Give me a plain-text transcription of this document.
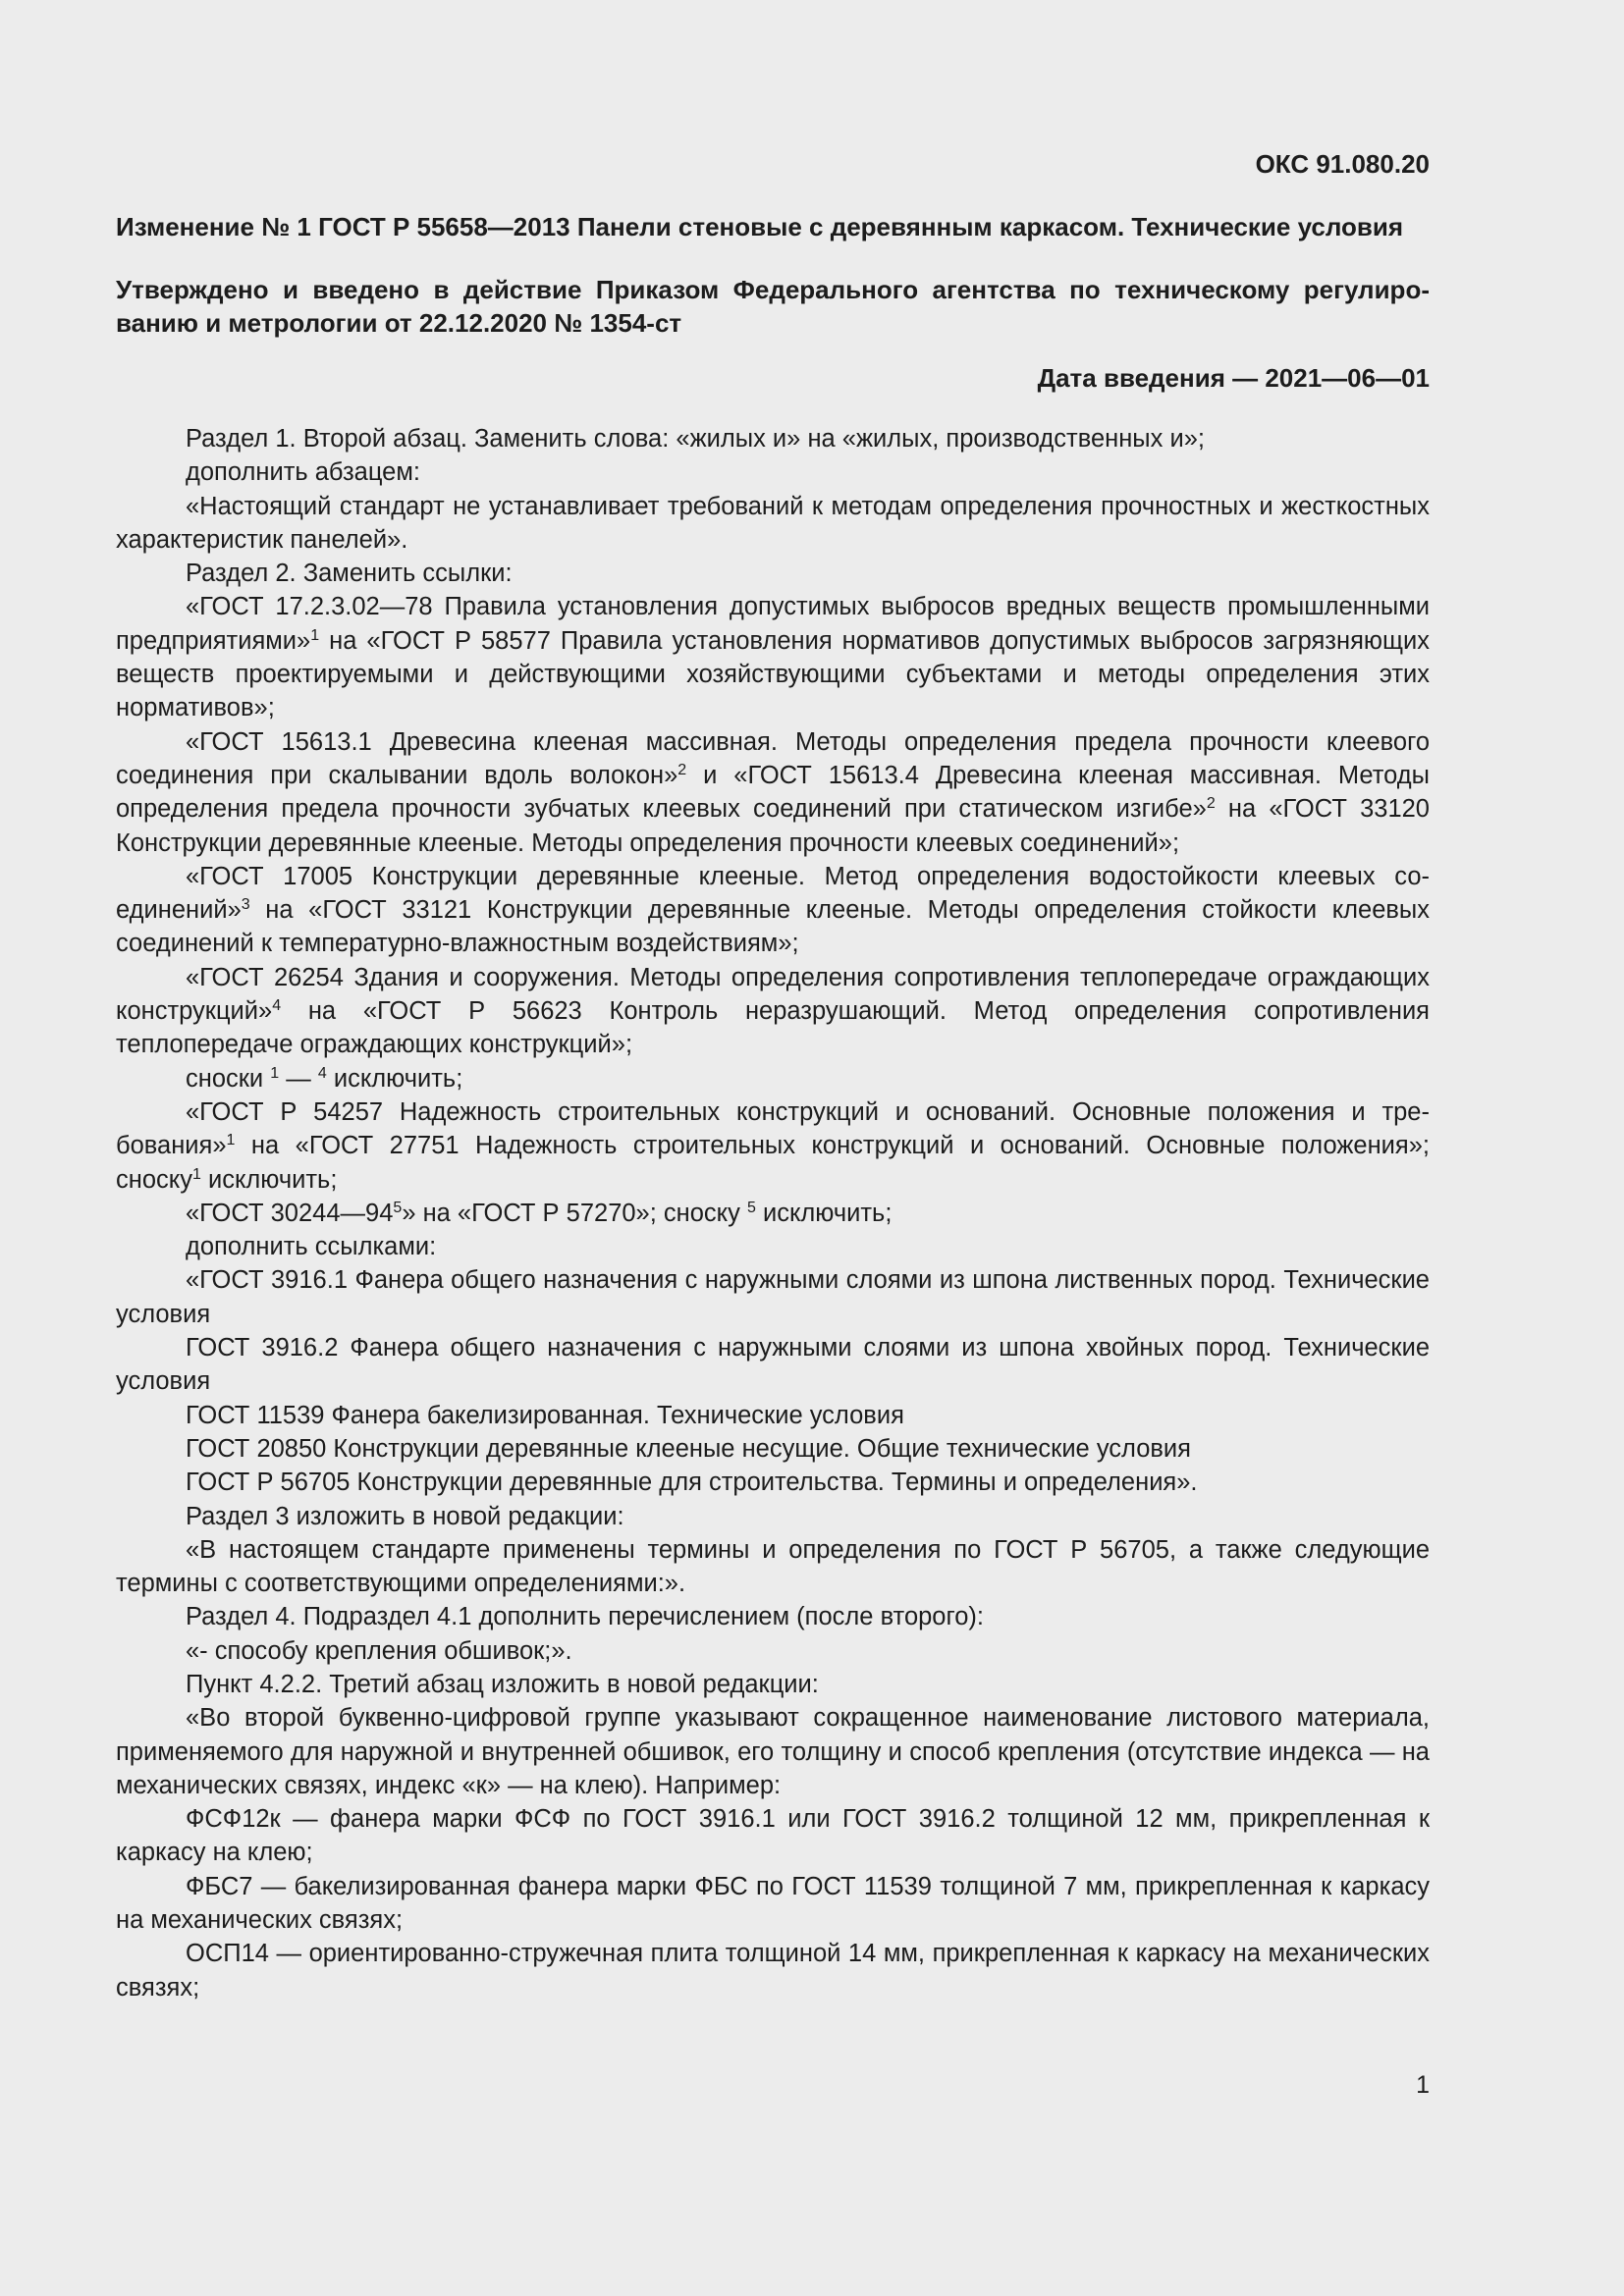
ОКС 91.080.20
Изменение № 1 ГОСТ Р 55658—2013 Панели стеновые с деревянным каркасом. Технические условия
Утверждено и введено в действие Приказом Федерального агентства по техническому регулированию и метрологии от 22.12.2020 № 1354-ст
Дата введения — 2021—06—01

Раздел 1. Второй абзац. Заменить слова: «жилых и» на «жилых, производственных и»;

дополнить абзацем:

«Настоящий стандарт не устанавливает требований к методам определения прочностных и жесткостных характеристик панелей».

Раздел 2. Заменить ссылки:

«ГОСТ 17.2.3.02—78 Правила установления допустимых выбросов вредных веществ промышленными предприятиями»$^1$ на «ГОСТ Р 58577 Правила установления нормативов допустимых выбросов загрязняющих веществ проектируемыми и действующими хозяйствующими субъектами и методы определения этих нормативов»;

«ГОСТ 15613.1 Древесина клееная массивная. Методы определения предела прочности клеевого соединения при скалывании вдоль волокон»$^2$ и «ГОСТ 15613.4 Древесина клееная массивная. Методы определения предела прочности зубчатых клеевых соединений при статическом изгибе»$^2$ на «ГОСТ 33120 Конструкции деревянные клееные. Методы определения прочности клеевых соединений»;

«ГОСТ 17005 Конструкции деревянные клееные. Метод определения водостойкости клеевых соединений»$^3$ на «ГОСТ 33121 Конструкции деревянные клееные. Методы определения стойкости клеевых соединений к температурно-влажностным воздействиям»;

«ГОСТ 26254 Здания и сооружения. Методы определения сопротивления теплопередаче ограждающих конструкций»$^4$ на «ГОСТ Р 56623 Контроль неразрушающий. Метод определения сопротивления теплопередаче ограждающих конструкций»;

сноски $^1$ — $^4$ исключить;

«ГОСТ Р 54257 Надежность строительных конструкций и оснований. Основные положения и требования»$^1$ на «ГОСТ 27751 Надежность строительных конструкций и оснований. Основные положения»; сноску$^1$ исключить;

«ГОСТ $30244—94^5$» на «ГОСТ Р 57270»; сноску $^5$ исключить;

дополнить ссылками:

«ГОСТ 3916.1 Фанера общего назначения с наружными слоями из шпона лиственных пород. Технические условия

ГОСТ 3916.2 Фанера общего назначения с наружными слоями из шпона хвойных пород. Технические условия

ГОСТ 11539 Фанера бакелизированная. Технические условия

ГОСТ 20850 Конструкции деревянные клееные несущие. Общие технические условия

ГОСТ Р 56705 Конструкции деревянные для строительства. Термины и определения».

Раздел 3 изложить в новой редакции:

«В настоящем стандарте применены термины и определения по ГОСТ Р 56705, а также следующие термины с соответствующими определениями:».

Раздел 4. Подраздел 4.1 дополнить перечислением (после второго):

«- способу крепления обшивок;».

Пункт 4.2.2. Третий абзац изложить в новой редакции:

«Во второй буквенно-цифровой группе указывают сокращенное наименование листового материала, применяемого для наружной и внутренней обшивок, его толщину и способ крепления (отсутствие индекса — на механических связях, индекс «к» — на клею). Например:

ФСФ12к — фанера марки ФСФ по ГОСТ 3916.1 или ГОСТ 3916.2 толщиной 12 мм, прикрепленная к каркасу на клею;

ФБС7 — бакелизированная фанера марки ФБС по ГОСТ 11539 толщиной 7 мм, прикрепленная к каркасу на механических связях;

ОСП14 — ориентированно-стружечная плита толщиной 14 мм, прикрепленная к каркасу на механических связях;

1
